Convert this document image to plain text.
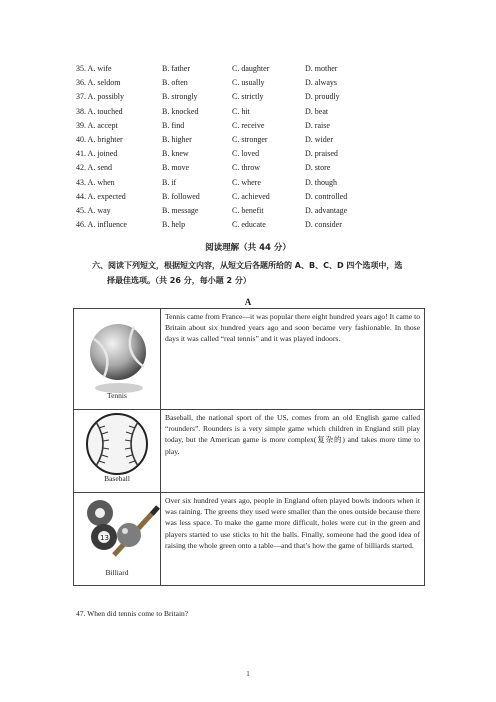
35. A. wife	B. father	C. daughter	D. mother
36. A. seldom	B. often	C. usually	D. always
37. A. possibly	B. strongly	C. strictly	D. proudly
38. A. touched	B. knocked	C. hit	D. beat
39. A. accept	B. find	C. receive	D. raise
40. A. brighter	B. higher	C. stronger	D. wider
41. A. joined	B. knew	C. loved	D. praised
42. A. send	B. move	C. throw	D. store
43. A. when	B. if	C. where	D. though
44. A. expected	B. followed	C. achieved	D. controlled
45. A. way	B. message	C. benefit	D. advantage
46. A. influence	B. help	C. educate	D. consider
阅读理解（共 44 分）
六、阅读下列短文，根据短文内容，从短文后各题所给的 A、B、C、D 四个选项中，选
择最佳选项。（共 26 分，每小题 2 分）
A
Tennis	Tennis came from France—it was popular there eight hundred years ago! It came to Britain about six hundred years ago and soon became very fashionable. In those days it was called “real tennis” and it was played indoors.

Baseball	Baseball, the national sport of the US, comes from an old English game called “rounders”. Rounders is a very simple game which children in England still play today, but the American game is more complex(复杂的) and takes more time to play.

13
Billiard	Over six hundred years ago, people in England often played bowls indoors when it was raining. The greens they used were smaller than the ones outside because there was less space. To make the game more difficult, holes were cut in the green and players started to use sticks to hit the balls. Finally, someone had the good idea of raising the whole green onto a table—and that’s how the game of billiards started.
47. When did tennis come to Britain?
1
